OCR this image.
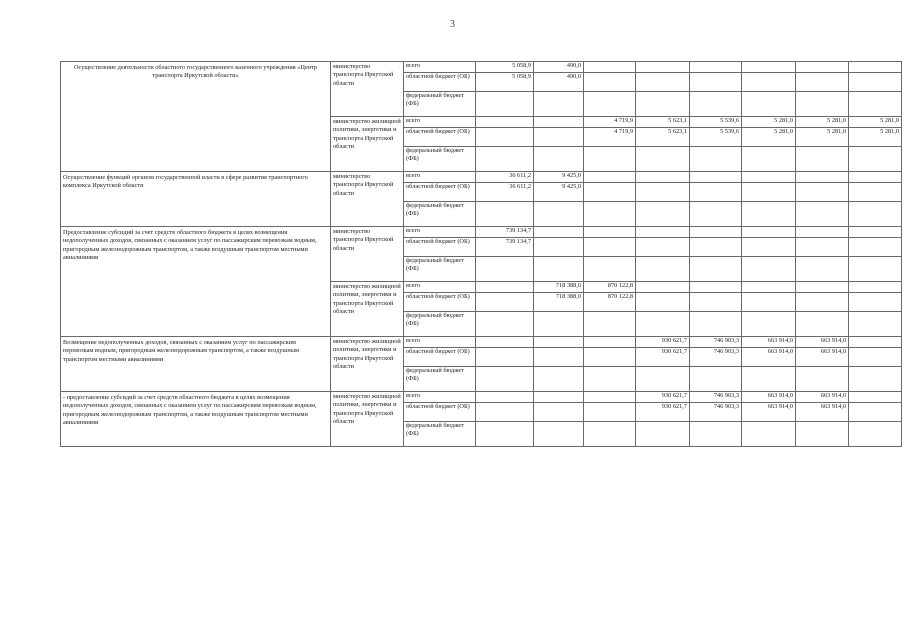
3
Осуществление деятельности областного государственного казенного учреждения «Центр транспорта Иркутской области»	министерство транспорта Иркутской области	всего	5 058,9	490,0						
		областной бюджет (ОБ)	5 058,9	490,0						
		федеральный бюджет (ФБ)								
	министерство жилищной политики, энергетики и транспорта Иркутской области	всего			4 719,9	5 623,1	5 539,6	5 281,0	5 281,0	5 281,0
		областной бюджет (ОБ)			4 719,9	5 623,1	5 539,6	5 281,0	5 281,0	5 281,0
		федеральный бюджет (ФБ)								
Осуществление функций органом государственной власти в сфере развития транспортного комплекса Иркутской области	министерство транспорта Иркутской области	всего	36 611,2	9 425,0						
		областной бюджет (ОБ)	36 611,2	9 425,0						
		федеральный бюджет (ФБ)								
Предоставление субсидий за счет средств областного бюджета в целях возмещения недополученных доходов, связанных с оказанием услуг по пассажирским перевозкам водным, пригородным железнодорожным транспортом, а также воздушным транспортом местными авиалиниями	министерство транспорта Иркутской области	всего	739 134,7							
		областной бюджет (ОБ)	739 134,7							
		федеральный бюджет (ФБ)								
	министерство жилищной политики, энергетики и транспорта Иркутской области	всего		718 388,0	870 122,8					
		областной бюджет (ОБ)		718 388,0	870 122,8					
		федеральный бюджет (ФБ)								
Возмещение недополученных доходов, связанных с оказанием услуг по пассажирским перевозкам водным, пригородным железнодорожным транспортом, а также воздушным транспортом местными авиалиниями	министерство жилищной политики, энергетики и транспорта Иркутской области	всего				930 621,7	746 903,3	663 914,0	663 914,0	
		областной бюджет (ОБ)				930 621,7	746 903,3	663 914,0	663 914,0	
		федеральный бюджет (ФБ)								
- предоставление субсидий за счет средств областного бюджета в целях возмещения недополученных доходов, связанных с оказанием услуг по пассажирским перевозкам водным, пригородным железнодорожным транспортом, а также воздушным транспортом местными авиалиниями	министерство жилищной политики, энергетики и транспорта Иркутской области	всего				930 621,7	746 903,3	663 914,0	663 914,0	
		областной бюджет (ОБ)				930 621,7	746 903,3	663 914,0	663 914,0	
		федеральный бюджет (ФБ)								
